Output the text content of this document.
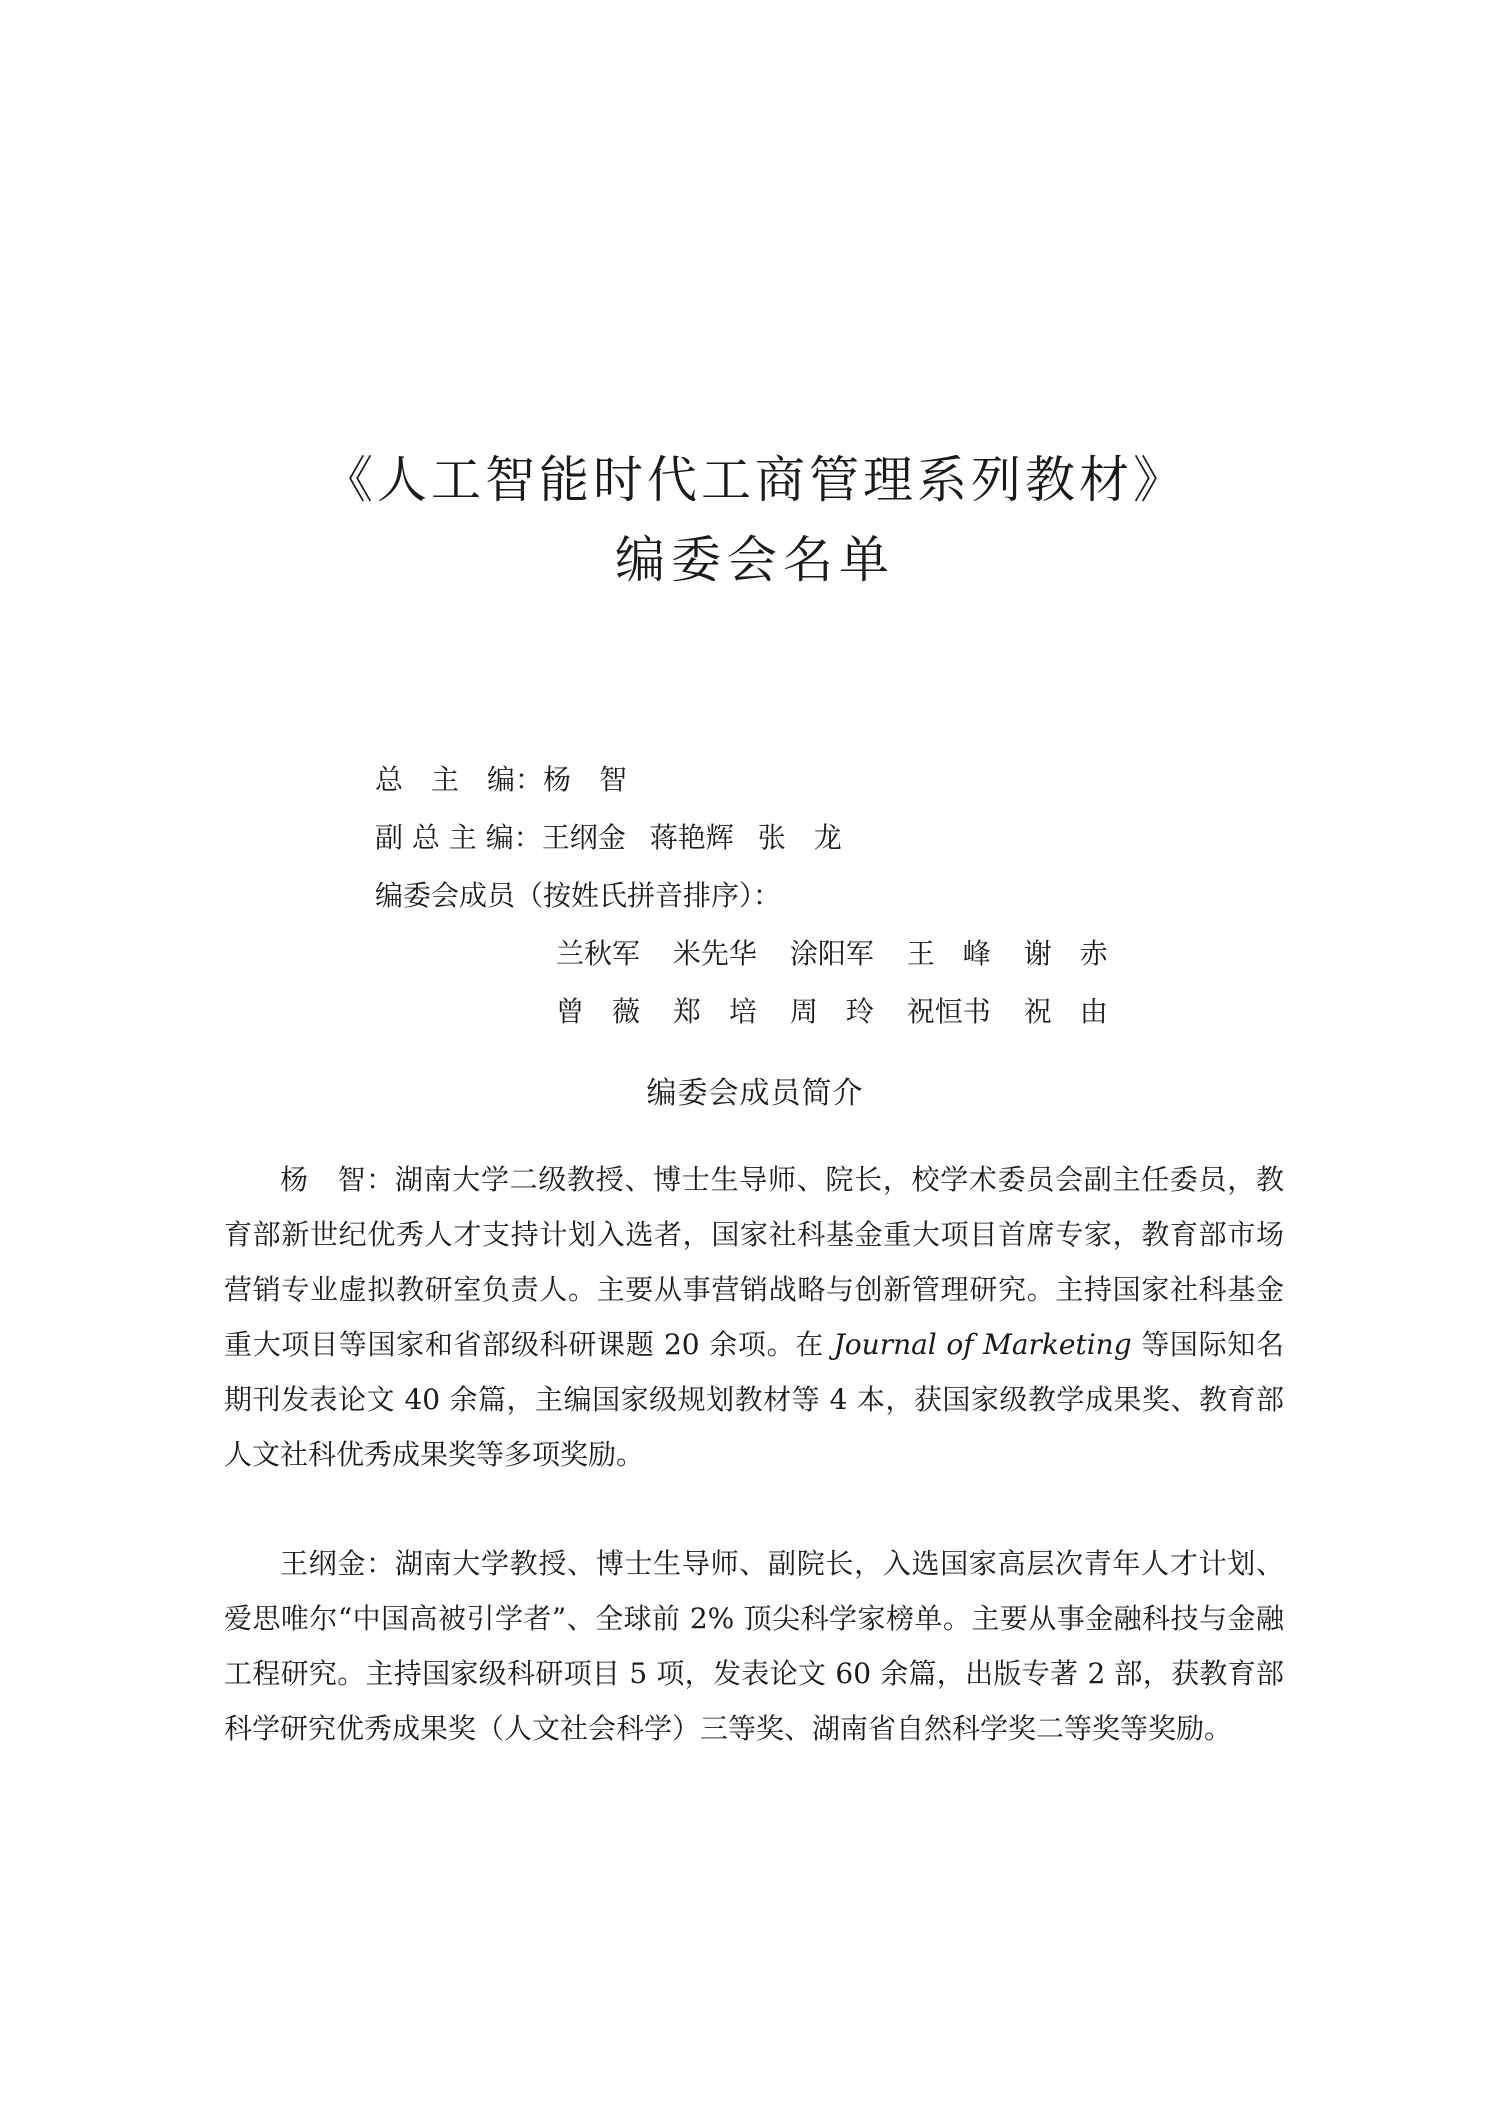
《人工智能时代工商管理系列教材》
编委会名单
总　主　编：杨　智
副 总 主 编：王纲金 蒋艳辉 张　龙
编委会成员（按姓氏拼音排序）：
兰秋军 米先华 涂阳军 王　峰 谢　赤
曾　薇 郑　培 周　玲 祝恒书 祝　由
编委会成员简介

杨　智：湖南大学二级教授、博士生导师、院长，校学术委员会副主任委员，教育部新世纪优秀人才支持计划入选者，国家社科基金重大项目首席专家，教育部市场营销专业虚拟教研室负责人。主要从事营销战略与创新管理研究。主持国家社科基金重大项目等国家和省部级科研课题 20 余项。在 Journal of Marketing 等国际知名期刊发表论文 40 余篇，主编国家级规划教材等 4 本，获国家级教学成果奖、教育部人文社科优秀成果奖等多项奖励。

王纲金：湖南大学教授、博士生导师、副院长，入选国家高层次青年人才计划、爱思唯尔“中国高被引学者”、全球前 2% 顶尖科学家榜单。主要从事金融科技与金融工程研究。主持国家级科研项目 5 项，发表论文 60 余篇，出版专著 2 部，获教育部科学研究优秀成果奖（人文社会科学）三等奖、湖南省自然科学奖二等奖等奖励。
